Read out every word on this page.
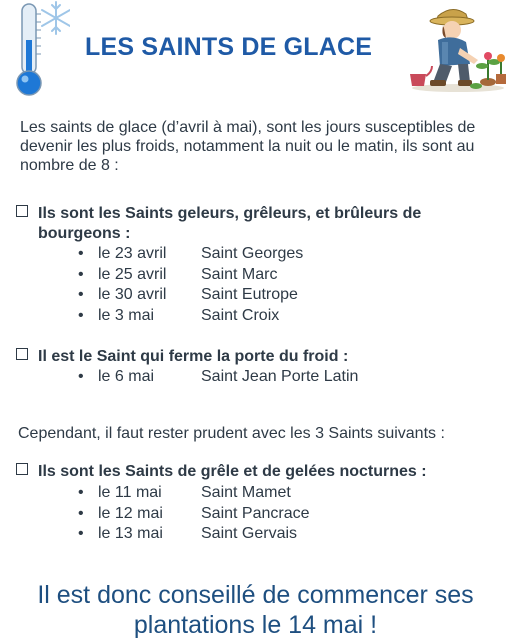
LES SAINTS DE GLACE
Les saints de glace (d’avril à mai), sont les jours susceptibles de devenir les plus froids, notamment la nuit ou le matin, ils sont au nombre de 8 :
Ils sont les Saints geleurs, grêleurs, et brûleurs de
bourgeons :
• le 23 avril Saint Georges
• le 25 avril Saint Marc
• le 30 avril Saint Eutrope
• le 3 mai	Saint Croix
Il est le Saint qui ferme la porte du froid :
• le 6 mai	Saint Jean Porte Latin
Cependant, il faut rester prudent avec les 3 Saints suivants :
Ils sont les Saints de grêle et de gelées nocturnes :
• le 11 mai Saint Mamet
• le 12 mai Saint Pancrace
• le 13 mai Saint Gervais
Il est donc conseillé de commencer ses
plantations le 14 mai !
